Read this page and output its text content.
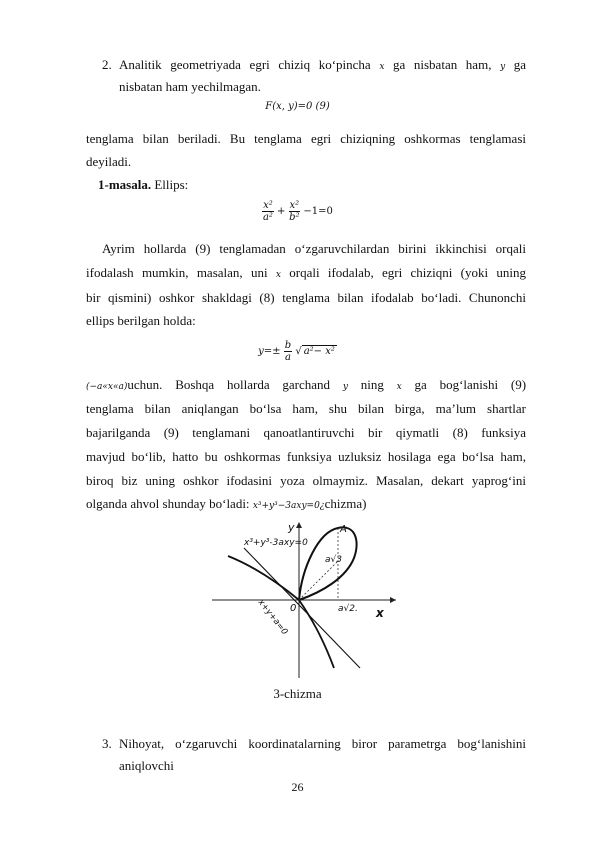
2. Analitik geometriyada egri chiziq ko‘pincha x ga nisbatan ham, y ga
nisbatan ham yechilmagan.
F(x, y)=0 (9)
tenglama bilan beriladi. Bu tenglama egri chiziqning oshkormas tenglamasi
deyiladi.
1-masala. Ellips:
$\frac{\text{x²}}{\text{a²}} + \frac{\text{x²}}{\text{b²}} -1=0$
Ayrim hollarda (9) tenglamadan o‘zgaruvchilardan birini ikkinchisi orqali
ifodalash mumkin, masalan, uni x orqali ifodalab, egri chiziqni (yoki uning
bir qismini) oshkor shakldagi (8) tenglama bilan ifodalab bo‘ladi. Chunonchi
ellips berilgan holda:
$y=\pm \frac{b}{a}$ √ a²− x²
(−a«x«a)uchun. Boshqa hollarda garchand y ning x ga bog‘lanishi (9)
tenglama bilan aniqlangan bo‘lsa ham, shu bilan birga, ma’lum shartlar
bajarilganda (9) tenglamani qanoatlantiruvchi bir qiymatli (8) funksiya
mavjud bo‘lib, hatto bu oshkormas funksiya uzluksiz hosilaga ega bo‘lsa ham,
biroq biz uning oshkor ifodasini yoza olmaymiz. Masalan, dekart yaprog‘ini
olganda ahvol shunday bo‘ladi: x³+y³−3axy=0¿chizma)
x³+y³-3axy=0
y
x
A
0
a√3
a√2.
x+y+a=0
3-chizma
3. Nihoyat, o‘zgaruvchi koordinatalarning biror parametrga bog‘lanishini
aniqlovchi
26
